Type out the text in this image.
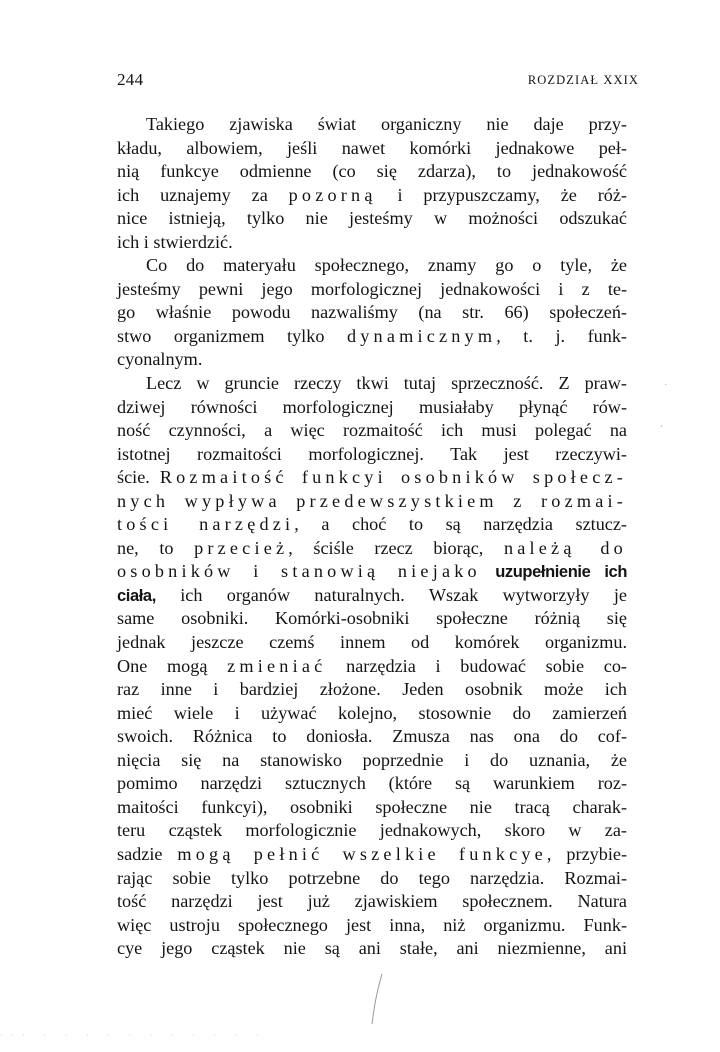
244	ROZDZIAŁ XXIX
Takiego zjawiska świat organiczny nie daje przy-
kładu, albowiem, jeśli nawet komórki jednakowe peł-
nią funkcye odmienne (co się zdarza), to jednakowość
ich uznajemy za pozorną i przypuszczamy, że róż-
nice istnieją, tylko nie jesteśmy w możności odszukać
ich i stwierdzić.
Co do materyału społecznego, znamy go o tyle, że
jesteśmy pewni jego morfologicznej jednakowości i z te-
go właśnie powodu nazwaliśmy (na str. 66) społeczeń-
stwo organizmem tylko dynamicznym, t. j. funk-
cyonalnym.
Lecz w gruncie rzeczy tkwi tutaj sprzeczność. Z praw-
dziwej równości morfologicznej musiałaby płynąć rów-
ność czynności, a więc rozmaitość ich musi polegać na
istotnej rozmaitości morfologicznej. Tak jest rzeczywi-
ście. Rozmaitość funkcyi osobników społecz-
nych wypływa przedewszystkiem z rozmai-
tości narzędzi, a choć to są narzędzia sztucz-
ne, to przecież, ściśle rzecz biorąc, należą do
osobników i stanowią niejako uzupełnienie ich
ciała, ich organów naturalnych. Wszak wytworzyły je
same osobniki. Komórki-osobniki społeczne różnią się
jednak jeszcze czemś innem od komórek organizmu.
One mogą zmieniać narzędzia i budować sobie co-
raz inne i bardziej złożone. Jeden osobnik może ich
mieć wiele i używać kolejno, stosownie do zamierzeń
swoich. Różnica to doniosła. Zmusza nas ona do cof-
nięcia się na stanowisko poprzednie i do uznania, że
pomimo narzędzi sztucznych (które są warunkiem roz-
maitości funkcyi), osobniki społeczne nie tracą charak-
teru cząstek morfologicznie jednakowych, skoro w za-
sadzie mogą pełnić wszelkie funkcye, przybie-
rając sobie tylko potrzebne do tego narzędzia. Rozmai-
tość narzędzi jest już zjawiskiem społecznem. Natura
więc ustroju społecznego jest inna, niż organizmu. Funk-
cye jego cząstek nie są ani stałe, ani niezmienne, ani
·
,
··· · · · · · · · · · · ·
